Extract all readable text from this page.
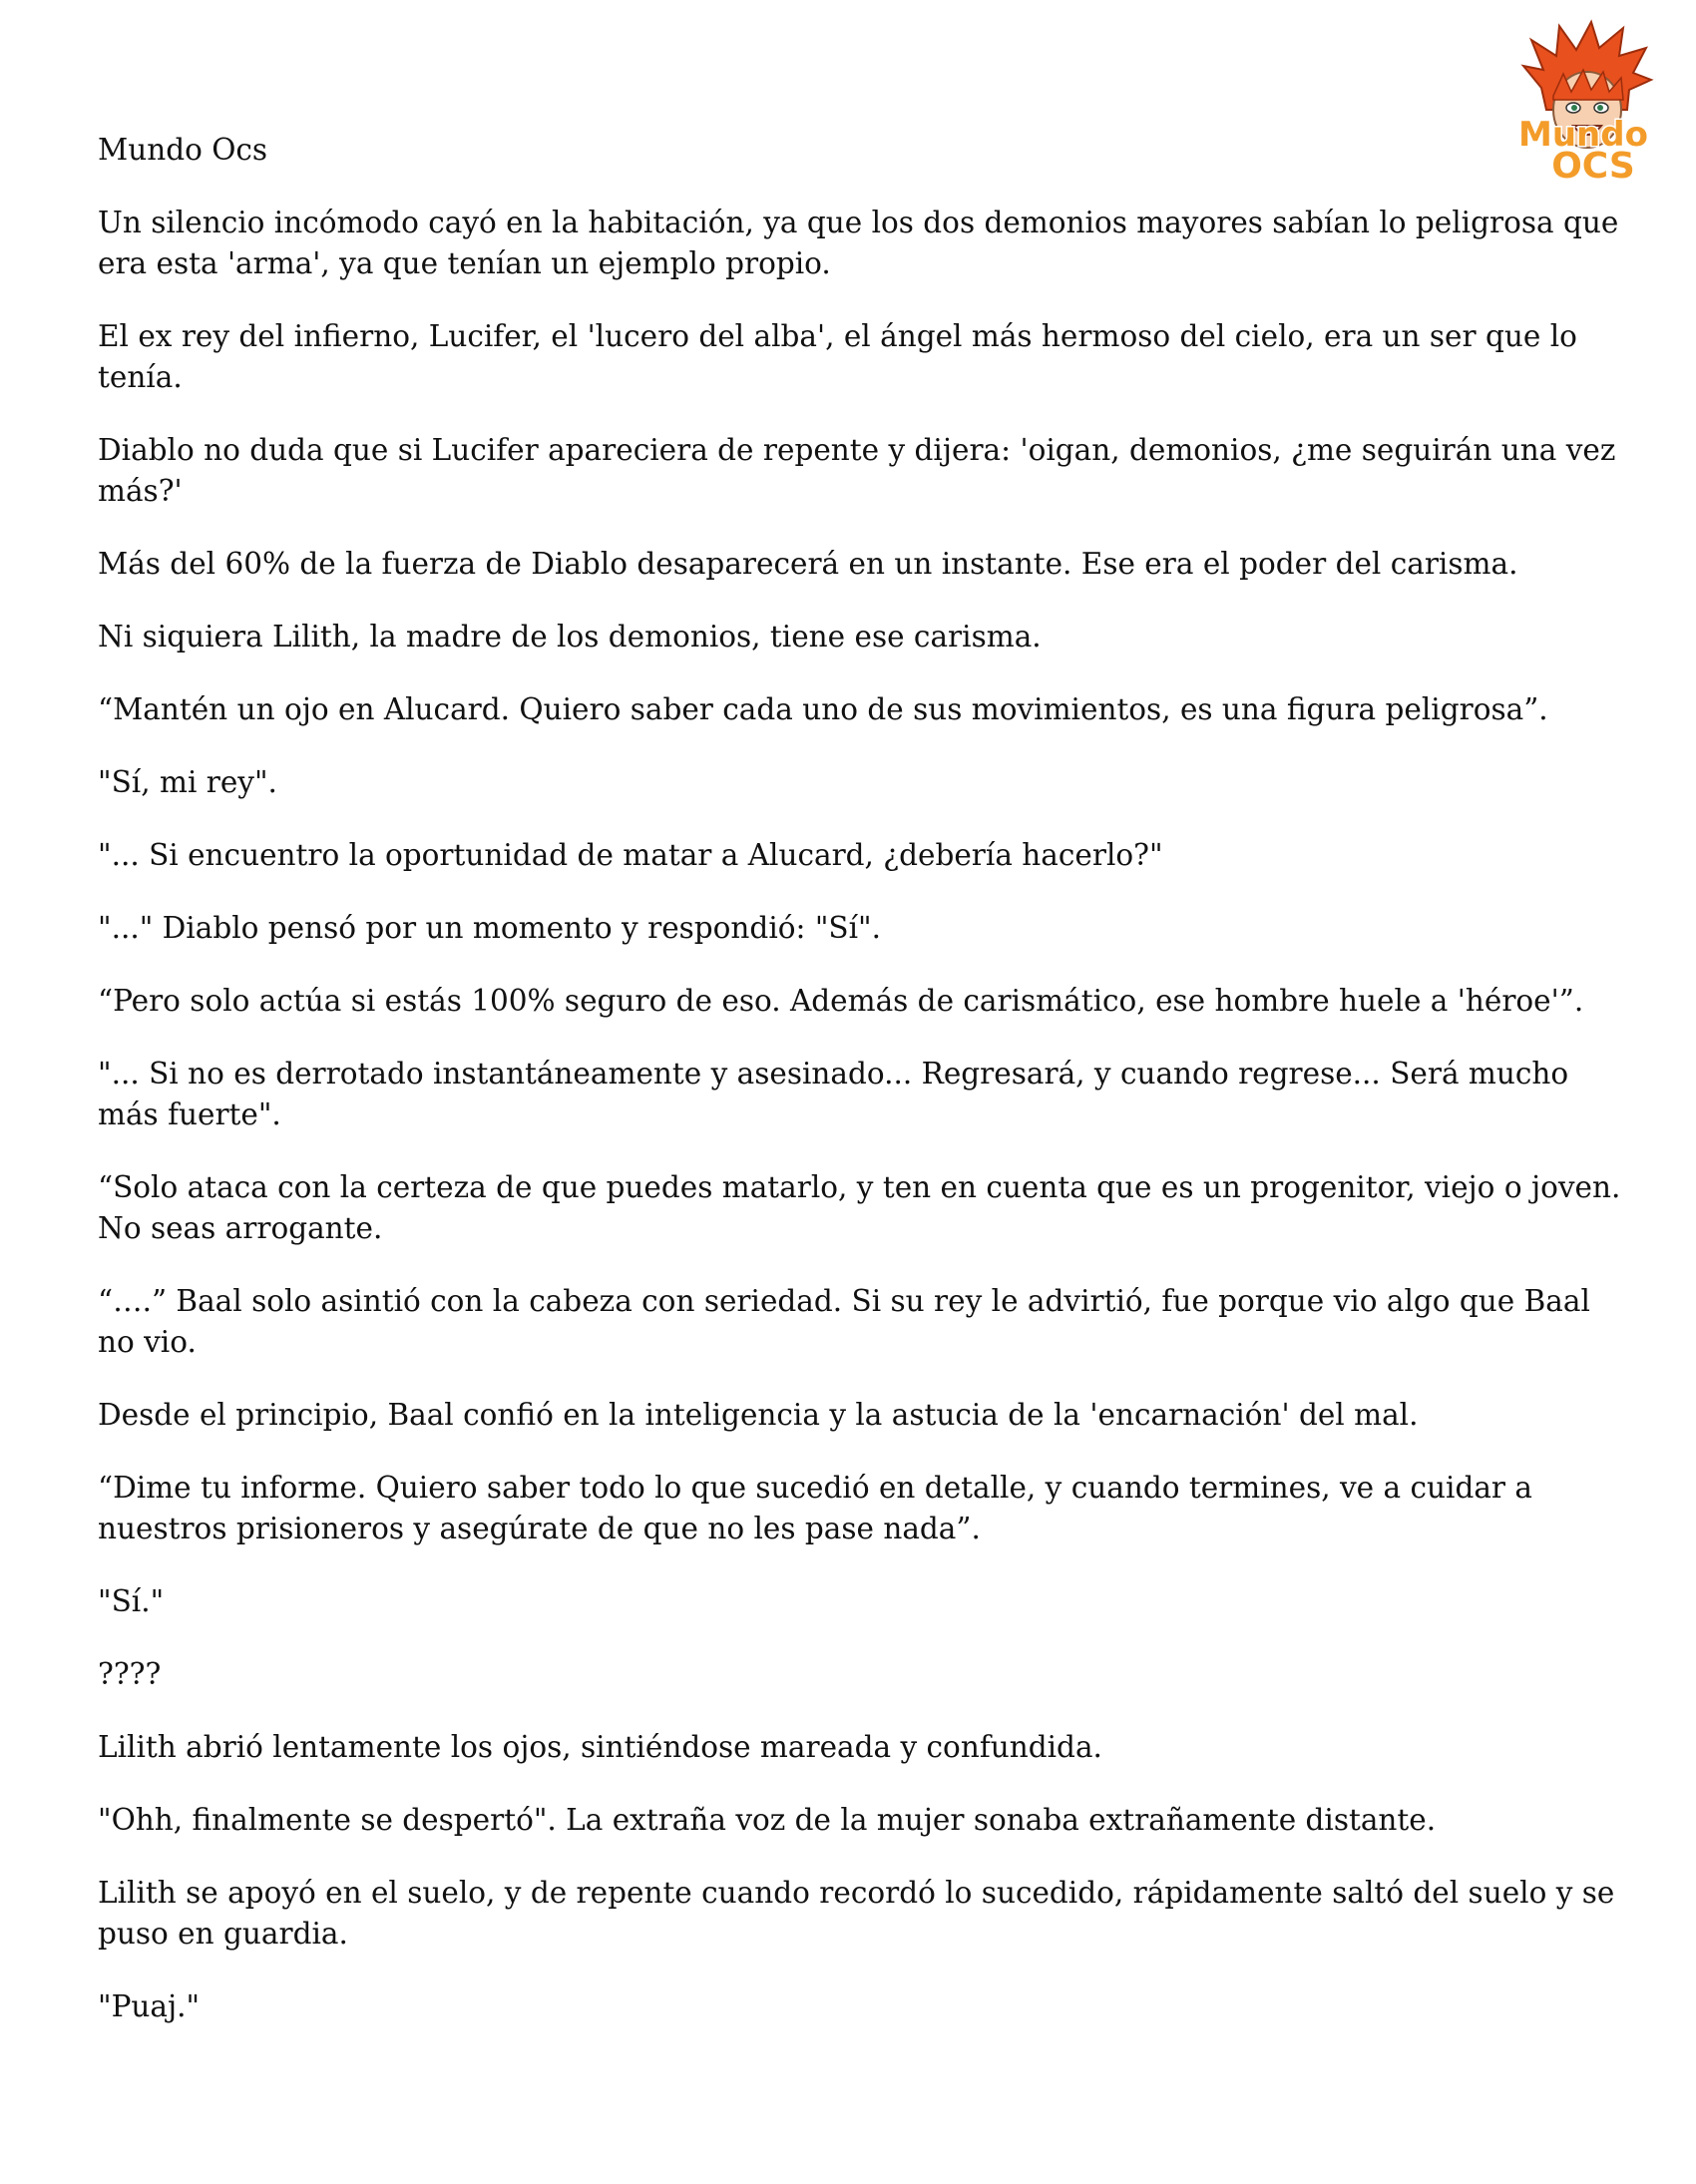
Mundo
OCS

Mundo Ocs

Un silencio incómodo cayó en la habitación, ya que los dos demonios mayores sabían lo peligrosa que era esta 'arma', ya que tenían un ejemplo propio.

El ex rey del infierno, Lucifer, el 'lucero del alba', el ángel más hermoso del cielo, era un ser que lo tenía.

Diablo no duda que si Lucifer apareciera de repente y dijera: 'oigan, demonios, ¿me seguirán una vez más?'

Más del 60% de la fuerza de Diablo desaparecerá en un instante. Ese era el poder del carisma.

Ni siquiera Lilith, la madre de los demonios, tiene ese carisma.

“Mantén un ojo en Alucard. Quiero saber cada uno de sus movimientos, es una figura peligrosa”.

"Sí, mi rey".

"... Si encuentro la oportunidad de matar a Alucard, ¿debería hacerlo?"

"..." Diablo pensó por un momento y respondió: "Sí".

“Pero solo actúa si estás 100% seguro de eso. Además de carismático, ese hombre huele a 'héroe'”.

"... Si no es derrotado instantáneamente y asesinado... Regresará, y cuando regrese... Será mucho más fuerte".

“Solo ataca con la certeza de que puedes matarlo, y ten en cuenta que es un progenitor, viejo o joven. No seas arrogante.

“….” Baal solo asintió con la cabeza con seriedad. Si su rey le advirtió, fue porque vio algo que Baal no vio.

Desde el principio, Baal confió en la inteligencia y la astucia de la 'encarnación' del mal.

“Dime tu informe. Quiero saber todo lo que sucedió en detalle, y cuando termines, ve a cuidar a nuestros prisioneros y asegúrate de que no les pase nada”.

"Sí."

????

Lilith abrió lentamente los ojos, sintiéndose mareada y confundida.

"Ohh, finalmente se despertó". La extraña voz de la mujer sonaba extrañamente distante.

Lilith se apoyó en el suelo, y de repente cuando recordó lo sucedido, rápidamente saltó del suelo y se puso en guardia.

"Puaj."
